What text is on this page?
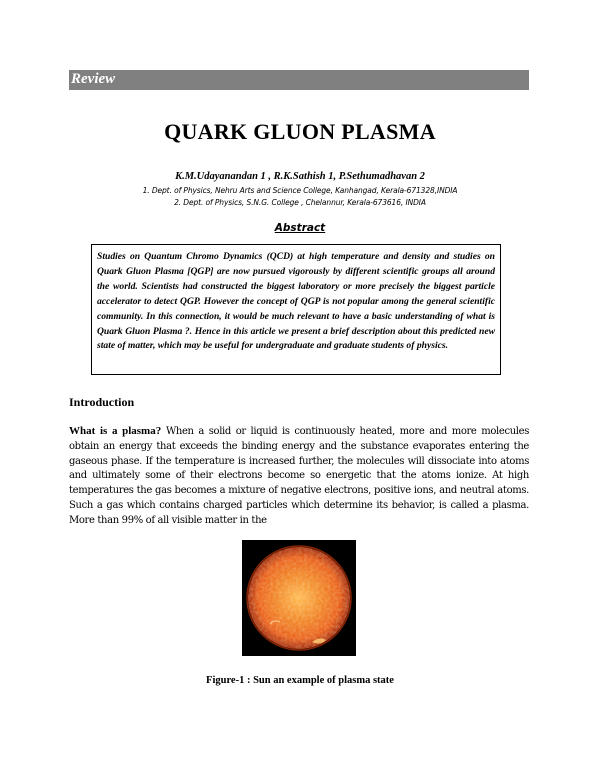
Review
QUARK GLUON PLASMA
K.M.Udayanandan 1 , R.K.Sathish 1, P.Sethumadhavan 2
1. Dept. of Physics, Nehru Arts and Science College, Kanhangad, Kerala-671328,INDIA
2. Dept. of Physics, S.N.G. College , Chelannur, Kerala-673616, INDIA
Abstract

Studies on Quantum Chromo Dynamics (QCD) at high temperature and density and studies on Quark Gluon Plasma [QGP] are now pursued vigorously by different scientific groups all around the world. Scientists had constructed the biggest laboratory or more precisely the biggest particle accelerator to detect QGP. However the concept of QGP is not popular among the general scientific community. In this connection, it would be much relevant to have a basic understanding of what is Quark Gluon Plasma ?. Hence in this article we present a brief description about this predicted new state of matter, which may be useful for undergraduate and graduate students of physics.

Introduction

What is a plasma? When a solid or liquid is continuously heated, more and more molecules obtain an energy that exceeds the binding energy and the substance evaporates entering the gaseous phase. If the temperature is increased further, the molecules will dissociate into atoms and ultimately some of their electrons become so energetic that the atoms ionize. At high temperatures the gas becomes a mixture of negative electrons, positive ions, and neutral atoms. Such a gas which contains charged particles which determine its behavior, is called a plasma. More than 99% of all visible matter in the

Figure-1 : Sun an example of plasma state
